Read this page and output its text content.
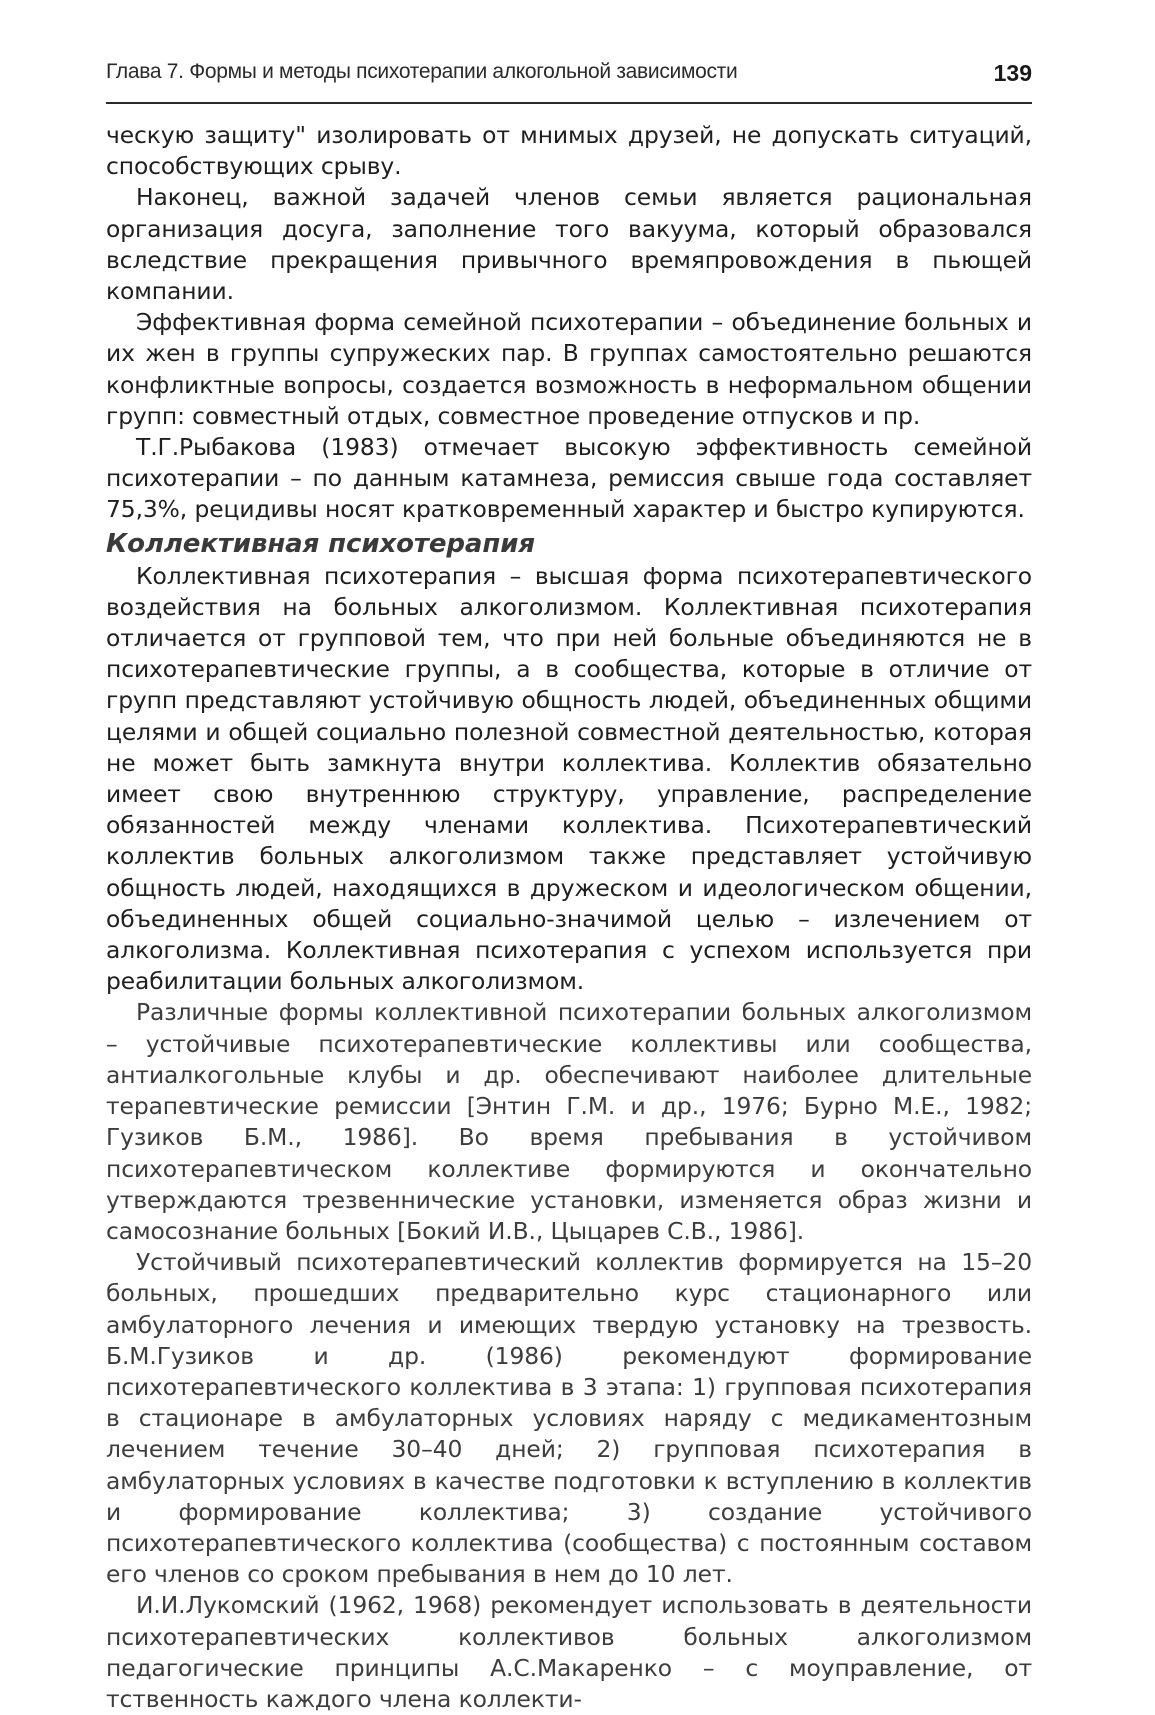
Глава 7. Формы и методы психотерапии алкогольной зависимости	139

ческую защиту" изолировать от мнимых друзей, не допускать ситуаций, способствующих срыву.

Наконец, важной задачей членов семьи является рациональная организация досуга, заполнение того вакуума, который образовался вследствие прекращения привычного времяпровождения в пьющей компании.

Эффективная форма семейной психотерапии – объединение больных и их жен в группы супружеских пар. В группах самостоятельно решаются конфликтные вопросы, создается возможность в неформальном общении групп: совместный отдых, совместное проведение отпусков и пр.

Т.Г.Рыбакова (1983) отмечает высокую эффективность семейной психотерапии – по данным катамнеза, ремиссия свыше года составляет 75,3%, рецидивы носят кратковременный характер и быстро купируются.

Коллективная психотерапия

Коллективная психотерапия – высшая форма психотерапевтического воздействия на больных алкоголизмом. Коллективная психотерапия отличается от групповой тем, что при ней больные объединяются не в психотерапевтические группы, а в сообщества, которые в отличие от групп представляют устойчивую общность людей, объединенных общими целями и общей социально полезной совместной деятельностью, которая не может быть замкнута внутри коллектива. Коллектив обязательно имеет свою внутреннюю структуру, управление, распределение обязанностей между членами коллектива. Психотерапевтический коллектив больных алкоголизмом также представляет устойчивую общность людей, находящихся в дружеском и идеологическом общении, объединенных общей социально-значимой целью – излечением от алкоголизма. Коллективная психотерапия с успехом используется при реабилитации больных алкоголизмом.

Различные формы коллективной психотерапии больных алкоголизмом – устойчивые психотерапевтические коллективы или сообщества, антиалкогольные клубы и др. обеспечивают наиболее длительные терапевтические ремиссии [Энтин Г.М. и др., 1976; Бурно М.Е., 1982; Гузиков Б.М., 1986]. Во время пребывания в устойчивом психотерапевтическом коллективе формируются и окончательно утверждаются трезвеннические установки, изменяется образ жизни и самосознание больных [Бокий И.В., Цыцарев С.В., 1986].

Устойчивый психотерапевтический коллектив формируется на 15–20 больных, прошедших предварительно курс стационарного или амбулаторного лечения и имеющих твердую установку на трезвость. Б.М.Гузиков и др. (1986) рекомендуют формирование психотерапевтического коллектива в 3 этапа: 1) групповая психотерапия в стационаре в амбулаторных условиях наряду с медикаментозным лечением течение 30–40 дней; 2) групповая психотерапия в амбулаторных условиях в качестве подготовки к вступлению в коллектив и формирование коллектива; 3) создание устойчивого психотерапевтического коллектива (сообщества) с постоянным составом его членов со сроком пребывания в нем до 10 лет.

И.И.Лукомский (1962, 1968) рекомендует использовать в деятельности психотерапевтических коллективов больных алкоголизмом педагогические принципы А.С.Макаренко – с моуправление, от тственность каждого члена коллекти-
